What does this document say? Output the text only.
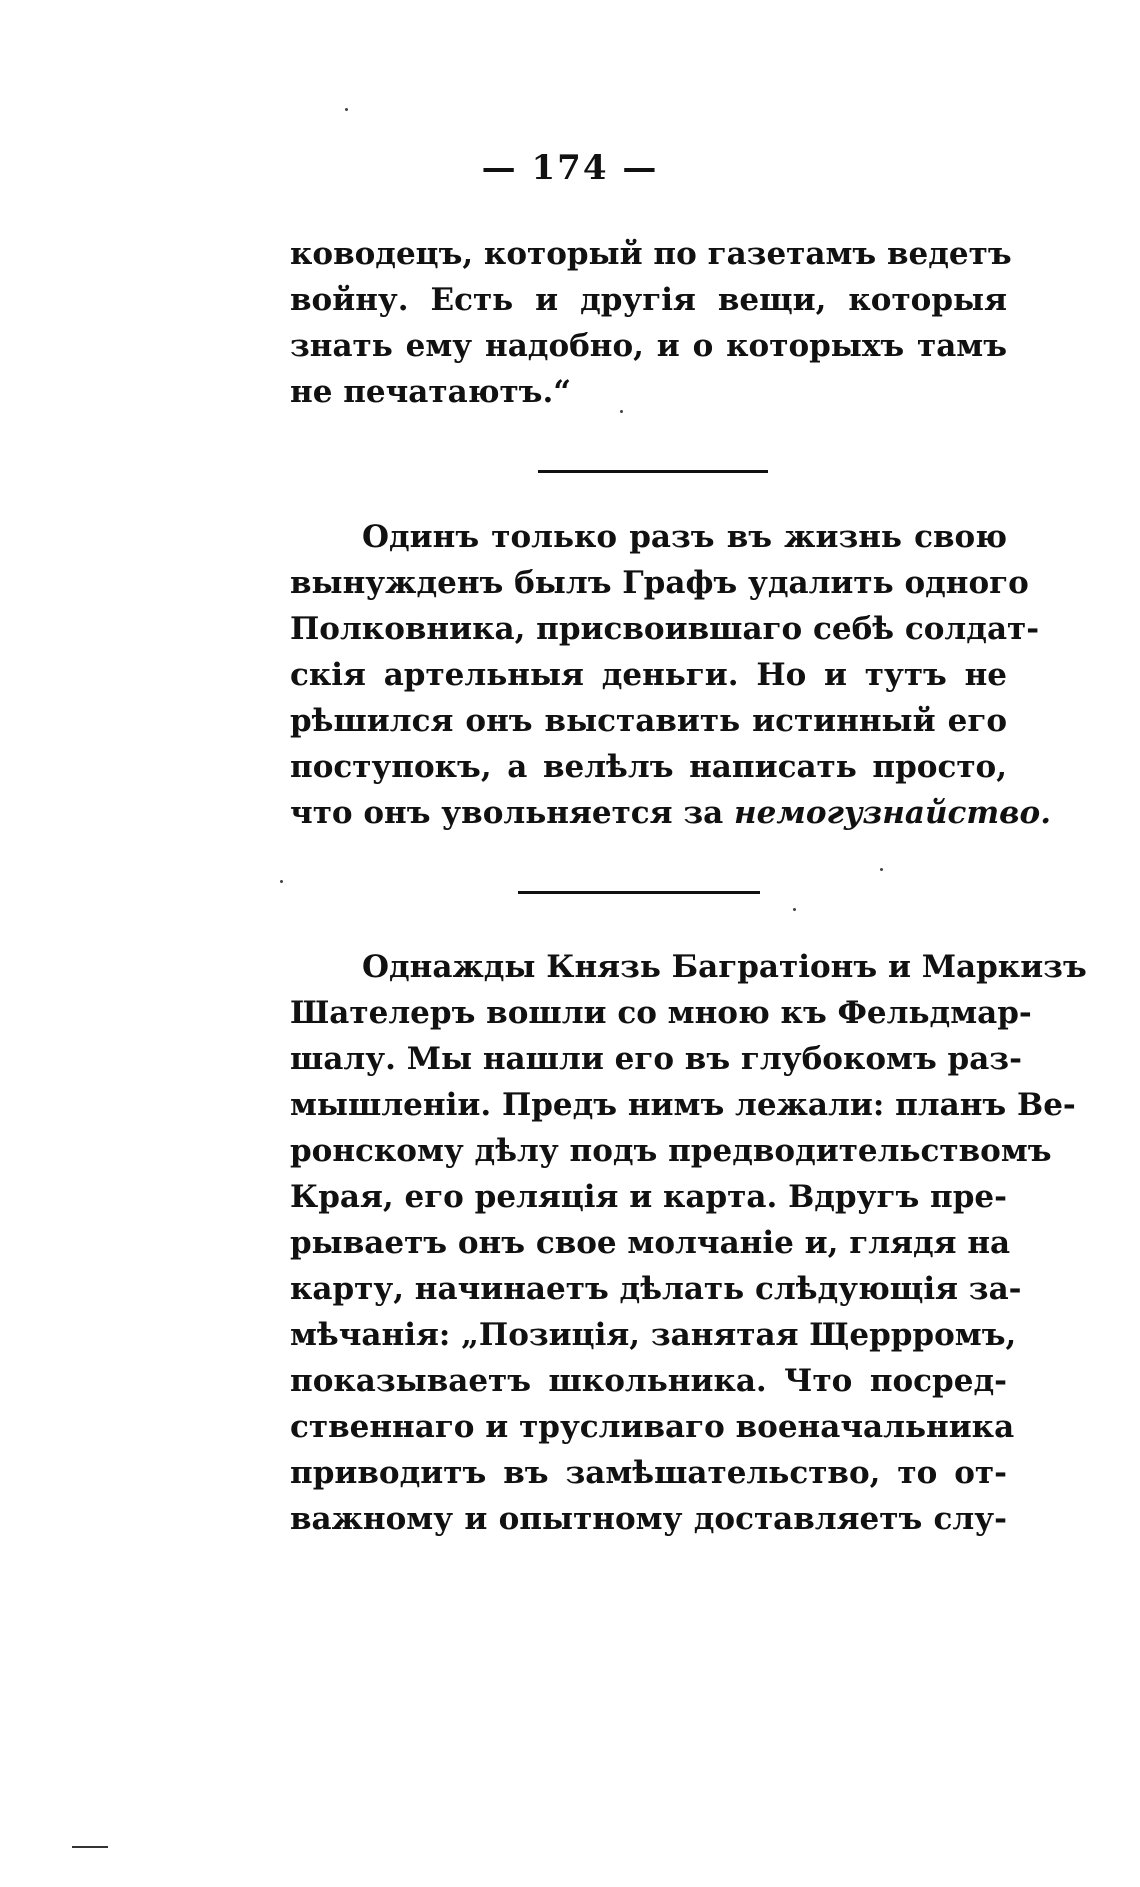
— 174 —
ководецъ, который по газетамъ ведетъ
войну. Есть и другія вещи, которыя
знать ему надобно, и о которыхъ тамъ
не печатаютъ.“
Одинъ только разъ въ жизнь свою
вынужденъ былъ Графъ удалить одного
Полковника, присвоившаго себѣ солдат-
скія артельныя деньги. Но и тутъ не
рѣшился онъ выставить истинный его
поступокъ, а велѣлъ написать просто,
что онъ увольняется за немогузнайство.
Однажды Князь Багратіонъ и Маркизъ
Шателеръ вошли со мною къ Фельдмар-
шалу. Мы нашли его въ глубокомъ раз-
мышленіи. Предъ нимъ лежали: планъ Ве-
ронскому дѣлу подъ предводительствомъ
Края, его реляція и карта. Вдругъ пре-
рываетъ онъ свое молчаніе и, глядя на
карту, начинаетъ дѣлать слѣдующія за-
мѣчанія: „Позиція, занятая Щеррромъ,
показываетъ школьника. Что посред-
ственнаго и трусливаго военачальника
приводитъ въ замѣшательство, то от-
важному и опытному доставляетъ слу-
